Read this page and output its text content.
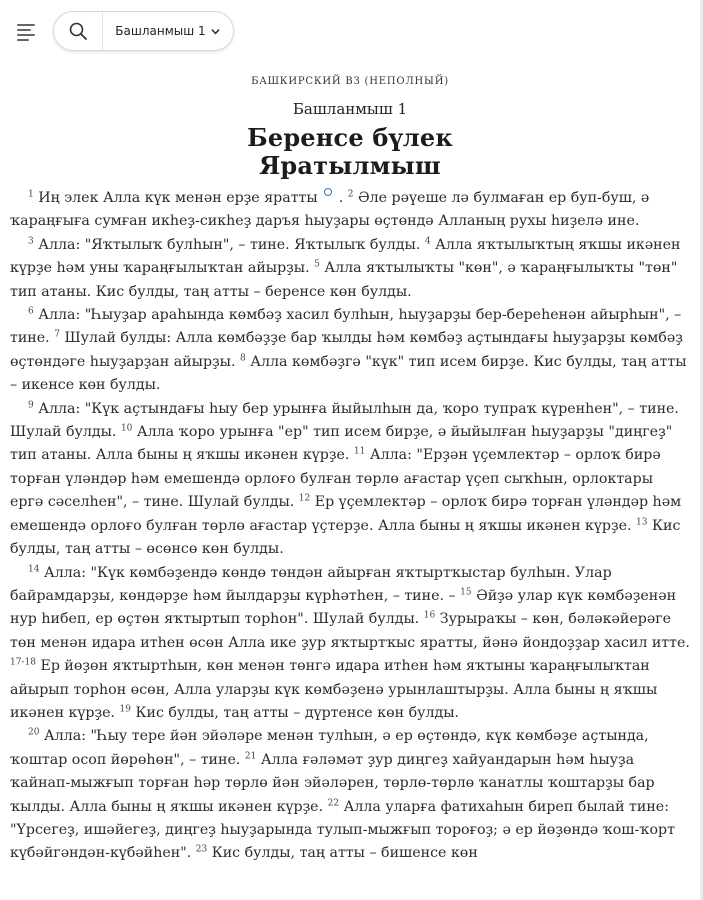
Башланмыш 1
БАШКИРСКИЙ ВЗ (НЕПОЛНЫЙ)
Башланмыш 1
Беренсе бүлек
Яратылмыш

$^1$ Иң элек Алла күк менән ерҙе яратты . $^2$ Әле рәүеше лә булмаған ер буп-буш, ә ҡараңғыға сумған икһеҙ-сикһеҙ даръя һыуҙары өҫтөндә Алланың рухы һиҙелә ине.

$^3$ Алла: "Яҡтылыҡ булһын", – тине. Яҡтылыҡ булды. $^4$ Алла яҡтылыҡтың яҡшы икәнен күрҙе һәм уны ҡараңғылыҡтан айырҙы. $^5$ Алла яҡтылыҡты "көн", ә ҡараңғылыҡты "төн" тип атаны. Кис булды, таң атты – беренсе көн булды.

$^6$ Алла: "Һыуҙар араһында көмбәҙ хасил булһын, һыуҙарҙы бер-береһенән айырһын", – тине. $^7$ Шулай булды: Алла көмбәҙҙе бар ҡылды һәм көмбәҙ аҫтындағы һыуҙарҙы көмбәҙ өҫтөндәге һыуҙарҙан айырҙы. $^8$ Алла көмбәҙгә "күк" тип исем бирҙе. Кис булды, таң атты – икенсе көн булды.

$^9$ Алла: "Күк аҫтындағы һыу бер урынға йыйылһын да, ҡоро тупраҡ күренһен", – тине. Шулай булды. $^{10}$ Алла ҡоро урынға "ер" тип исем бирҙе, ә йыйылған һыуҙарҙы "диңгеҙ" тип атаны. Алла быны ң яҡшы икәнен күрҙе. $^{11}$ Алла: "Ерҙән үҫемлектәр – орлоҡ бирә торған үләндәр һәм емешендә орлоғо булған төрлө ағастар үҫеп сыҡһын, орлоктары ергә сәселһен", – тине. Шулай булды. $^{12}$ Ер үҫемлектәр – орлоҡ бирә торған үләндәр һәм емешендә орлоғо булған төрлө ағастар үҫтерҙе. Алла быны ң яҡшы икәнен күрҙе. $^{13}$ Кис булды, таң атты – өсөнсө көн булды.

$^{14}$ Алла: "Күк көмбәҙендә көндө төндән айырған яҡтыртҡыстар булһын. Улар байрамдарҙы, көндәрҙе һәм йылдарҙы күрһәтһен, – тине. – $^{15}$ Әйҙә улар күк көмбәҙенән нур һибеп, ер өҫтөн яҡтыртып торһон". Шулай булды. $^{16}$ Зурыраҡы – көн, бәләкәйерәге төн менән идара итһен өсөн Алла ике ҙур яҡтыртҡыс яратты, йәнә йондоҙҙар хасил итте. $^{17-18}$ Ер йөҙөн яҡтыртһын, көн менән төнгә идара итһен һәм яҡтыны ҡараңғылыҡтан айырып торһон өсөн, Алла уларҙы күк көмбәҙенә урынлаштырҙы. Алла быны ң яҡшы икәнен күрҙе. $^{19}$ Кис булды, таң атты – дүртенсе көн булды.

$^{20}$ Алла: "Һыу тере йән эйәләре менән тулһын, ә ер өҫтөндә, күк көмбәҙе аҫтында, ҡоштар осоп йөрөһөн", – тине. $^{21}$ Алла ғәләмәт ҙур диңгеҙ хайуандарын һәм һыуҙа ҡайнап-мыжғып торған һәр төрлө йән эйәләрен, төрлө-төрлө ҡанатлы ҡоштарҙы бар ҡылды. Алла быны ң яҡшы икәнен күрҙе. $^{22}$ Алла уларға фатихаһын биреп былай тине: "Үрсегеҙ, ишәйегеҙ, диңгеҙ һыуҙарында тулып-мыжғып тороғоҙ; ә ер йөҙөндә ҡош-ҡорт күбәйгәндән-күбәйһен". $^{23}$ Кис булды, таң атты – бишенсе көн
